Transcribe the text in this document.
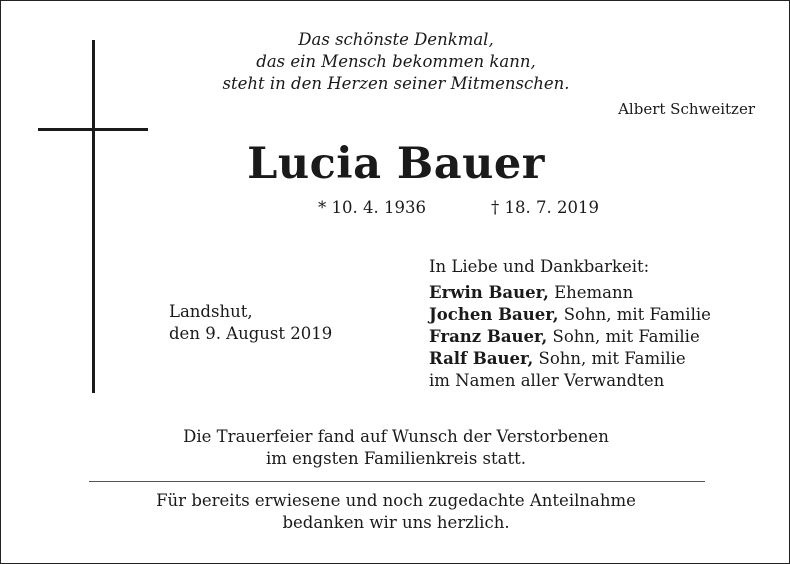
Das schönste Denkmal,
das ein Mensch bekommen kann,
steht in den Herzen seiner Mitmenschen.
Albert Schweitzer
Lucia Bauer
* 10. 4. 1936	† 18. 7. 2019
Landshut,
den 9. August 2019
In Liebe und Dankbarkeit:
Erwin Bauer, Ehemann
Jochen Bauer, Sohn, mit Familie
Franz Bauer, Sohn, mit Familie
Ralf Bauer, Sohn, mit Familie
im Namen aller Verwandten
Die Trauerfeier fand auf Wunsch der Verstorbenen
im engsten Familienkreis statt.
Für bereits erwiesene und noch zugedachte Anteilnahme
bedanken wir uns herzlich.
